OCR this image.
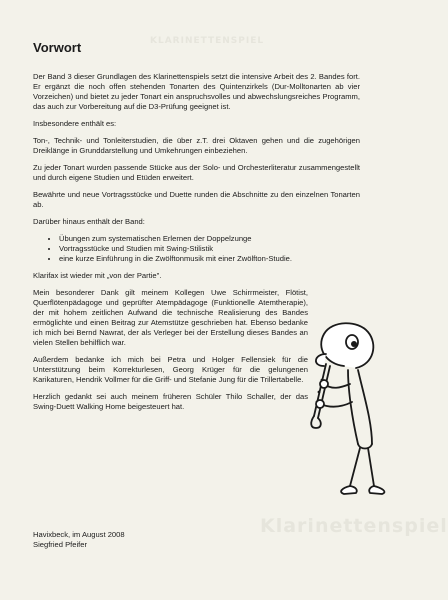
KLARINETTENSPIEL
Klarinettenspiel
Vorwort

Der Band 3 dieser Grundlagen des Klarinettenspiels setzt die intensive Arbeit des 2. Bandes fort. Er ergänzt die noch offen stehenden Tonarten des Quintenzirkels (Dur-Molltonarten ab vier Vorzeichen) und bietet zu jeder Tonart ein anspruchsvolles und abwechslungsreiches Programm, das auch zur Vorbereitung auf die D3-Prüfung geeignet ist.

Insbesondere enthält es:

Ton-, Technik- und Tonleiterstudien, die über z.T. drei Oktaven gehen und die zugehörigen Dreiklänge in Grunddarstellung und Umkehrungen einbeziehen.

Zu jeder Tonart wurden passende Stücke aus der Solo- und Orchesterliteratur zusammengestellt und durch eigene Studien und Etüden erweitert.

Bewährte und neue Vortragsstücke und Duette runden die Abschnitte zu den einzelnen Tonarten ab.

Darüber hinaus enthält der Band:

• Übungen zum systematischen Erlernen der Doppelzunge
• Vortragsstücke und Studien mit Swing-Stilistik
• eine kurze Einführung in die Zwölftonmusik mit einer Zwölfton-Studie.

Klarifax ist wieder mit „von der Partie".

Mein besonderer Dank gilt meinem Kollegen Uwe Schirrmeister, Flötist, Querflötenpädagoge und geprüfter Atempädagoge (Funktionelle Atemtherapie), der mit hohem zeitlichen Aufwand die technische Realisierung des Bandes ermöglichte und einen Beitrag zur Atemstütze geschrieben hat. Ebenso bedanke ich mich bei Bernd Nawrat, der als Verleger bei der Erstellung dieses Bandes an vielen Stellen behilflich war.

Außerdem bedanke ich mich bei Petra und Holger Fellensiek für die Unterstützung beim Korrekturlesen, Georg Krüger für die gelungenen Karikaturen, Hendrik Vollmer für die Griff- und Stefanie Jung für die Trillertabelle.

Herzlich gedankt sei auch meinem früheren Schüler Thilo Schaller, der das Swing-Duett Walking Home beigesteuert hat.

Havixbeck, im August 2008
Siegfried Pfeifer
